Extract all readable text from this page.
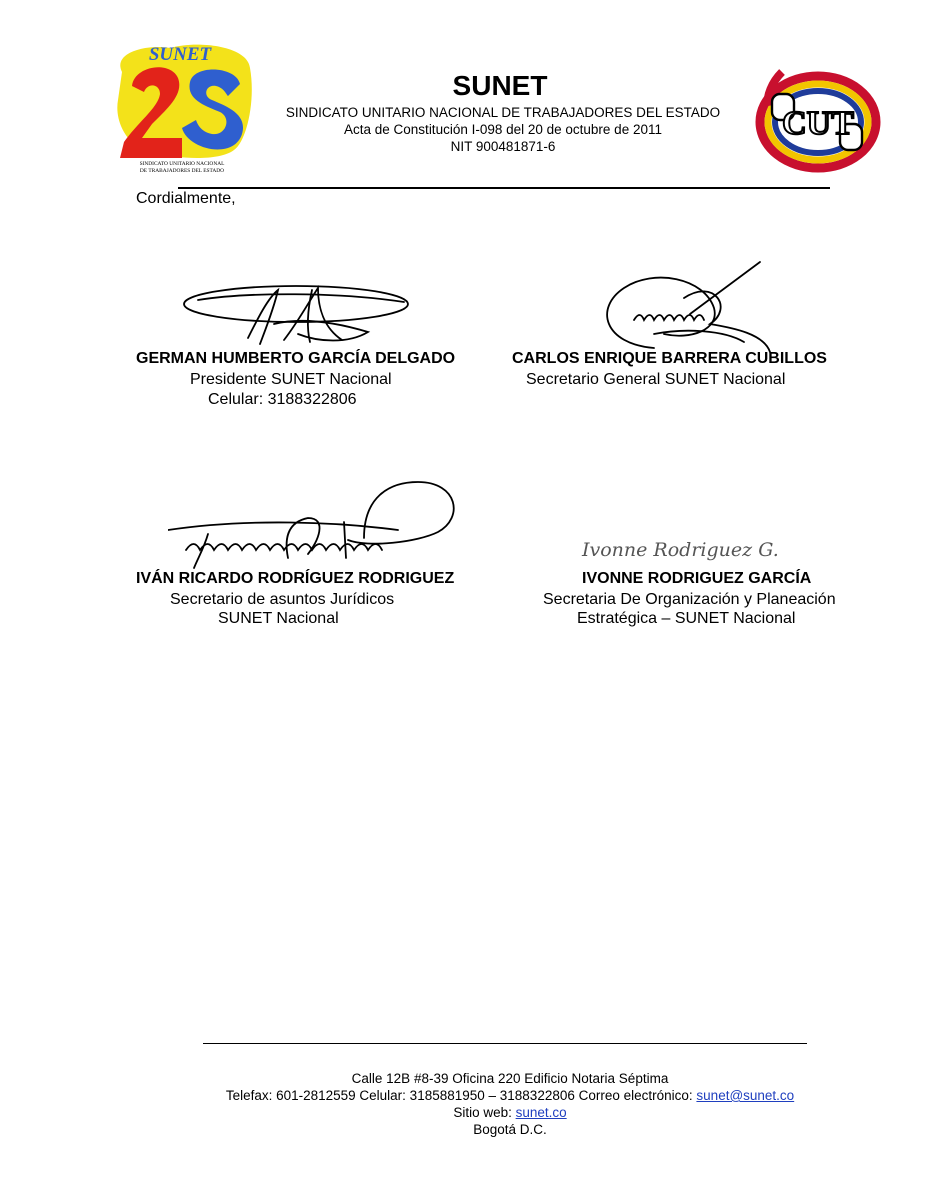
SUNET
SINDICATO UNITARIO NACIONAL
DE TRABAJADORES DEL ESTADO
SUNET
SINDICATO UNITARIO NACIONAL DE TRABAJADORES DEL ESTADO
Acta de Constitución I-098 del 20 de octubre de 2011
NIT 900481871-6
CUT
Cordialmente,
GERMAN HUMBERTO GARCÍA DELGADO
Presidente SUNET Nacional
Celular: 3188322806
CARLOS ENRIQUE BARRERA CUBILLOS
Secretario General SUNET Nacional
IVÁN RICARDO RODRÍGUEZ RODRIGUEZ
Secretario de asuntos Jurídicos
SUNET Nacional
Ivonne Rodriguez G.
IVONNE RODRIGUEZ GARCÍA
Secretaria De Organización y Planeación
Estratégica – SUNET Nacional
Calle 12B #8-39 Oficina 220 Edificio Notaria Séptima
Telefax: 601-2812559 Celular: 3185881950 – 3188322806 Correo electrónico: sunet@sunet.co
Sitio web: sunet.co
Bogotá D.C.
